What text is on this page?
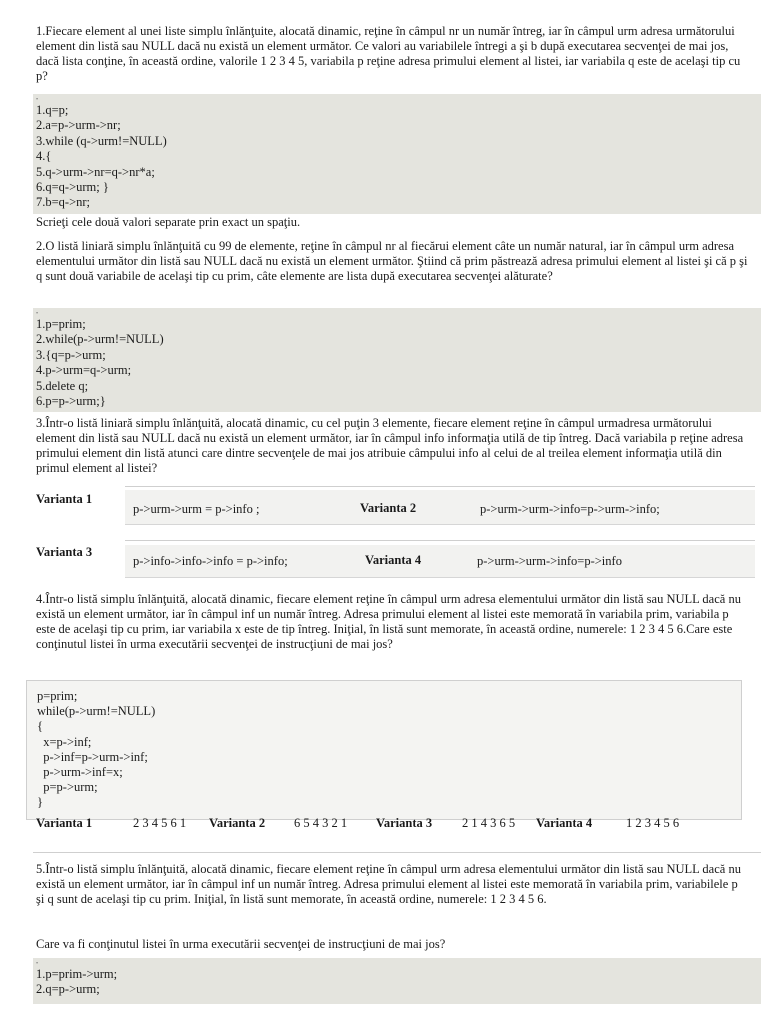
1.Fiecare element al unei liste simplu înlănţuite, alocată dinamic, reţine în câmpul nr un număr întreg, iar în câmpul urm adresa următorului element din listă sau NULL dacă nu există un element următor. Ce valori au variabilele întregi a şi b după executarea secvenţei de mai jos, dacă lista conţine, în această ordine, valorile 1 2 3 4 5, variabila p reţine adresa primului element al listei, iar variabila q este de acelaşi tip cu p?

•
1.q=p;
2.a=p->urm->nr;
3.while (q->urm!=NULL)
4.{
5.q->urm->nr=q->nr*a;
6.q=q->urm; }
7.b=q->nr;

Scrieţi cele două valori separate prin exact un spaţiu.

2.O listă liniară simplu înlănţuită cu 99 de elemente, reţine în câmpul nr al fiecărui element câte un număr natural, iar în câmpul urm adresa elementului următor din listă sau NULL dacă nu există un element următor. Ştiind că prim păstrează adresa primului element al listei şi că p şi q sunt două variabile de acelaşi tip cu prim, câte elemente are lista după executarea secvenţei alăturate?

•
1.p=prim;
2.while(p->urm!=NULL)
3.{q=p->urm;
4.p->urm=q->urm;
5.delete q;
6.p=p->urm;}

3.Într-o listă liniară simplu înlănţuită, alocată dinamic, cu cel puţin 3 elemente, fiecare element reţine în câmpul urmadresa următorului element din listă sau NULL dacă nu există un element următor, iar în câmpul info informaţia utilă de tip întreg. Dacă variabila p reţine adresa primului element din listă atunci care dintre secvenţele de mai jos atribuie câmpului info al celui de al treilea element informaţia utilă din primul element al listei?

Varianta 1
p->urm->urm = p->info ;	Varianta 2	p->urm->urm->info=p->urm->info;
Varianta 3
p->info->info->info = p->info;	Varianta 4	p->urm->urm->info=p->info

4.Într-o listă simplu înlănţuită, alocată dinamic, fiecare element reţine în câmpul urm adresa elementului următor din listă sau NULL dacă nu există un element următor, iar în câmpul inf un număr întreg. Adresa primului element al listei este memorată în variabila prim, variabila p este de acelaşi tip cu prim, iar variabila x este de tip întreg. Iniţial, în listă sunt memorate, în această ordine, numerele: 1 2 3 4 5 6.Care este conţinutul listei în urma executării secvenţei de instrucţiuni de mai jos?

p=prim;
while(p->urm!=NULL)
{
x=p->inf;
p->inf=p->urm->inf;
p->urm->inf=x;
p=p->urm;
}
Varianta 1	2 3 4 5 6 1 Varianta 2 6 5 4 3 2 1 Varianta 3 2 1 4 3 6 5 Varianta 4	1 2 3 4 5 6

5.Într-o listă simplu înlănţuită, alocată dinamic, fiecare element reţine în câmpul urm adresa elementului următor din listă sau NULL dacă nu există un element următor, iar în câmpul inf un număr întreg. Adresa primului element al listei este memorată în variabila prim, variabilele p şi q sunt de acelaşi tip cu prim. Iniţial, în listă sunt memorate, în această ordine, numerele: 1 2 3 4 5 6.

Care va fi conţinutul listei în urma executării secvenţei de instrucţiuni de mai jos?

•
1.p=prim->urm;
2.q=p->urm;
